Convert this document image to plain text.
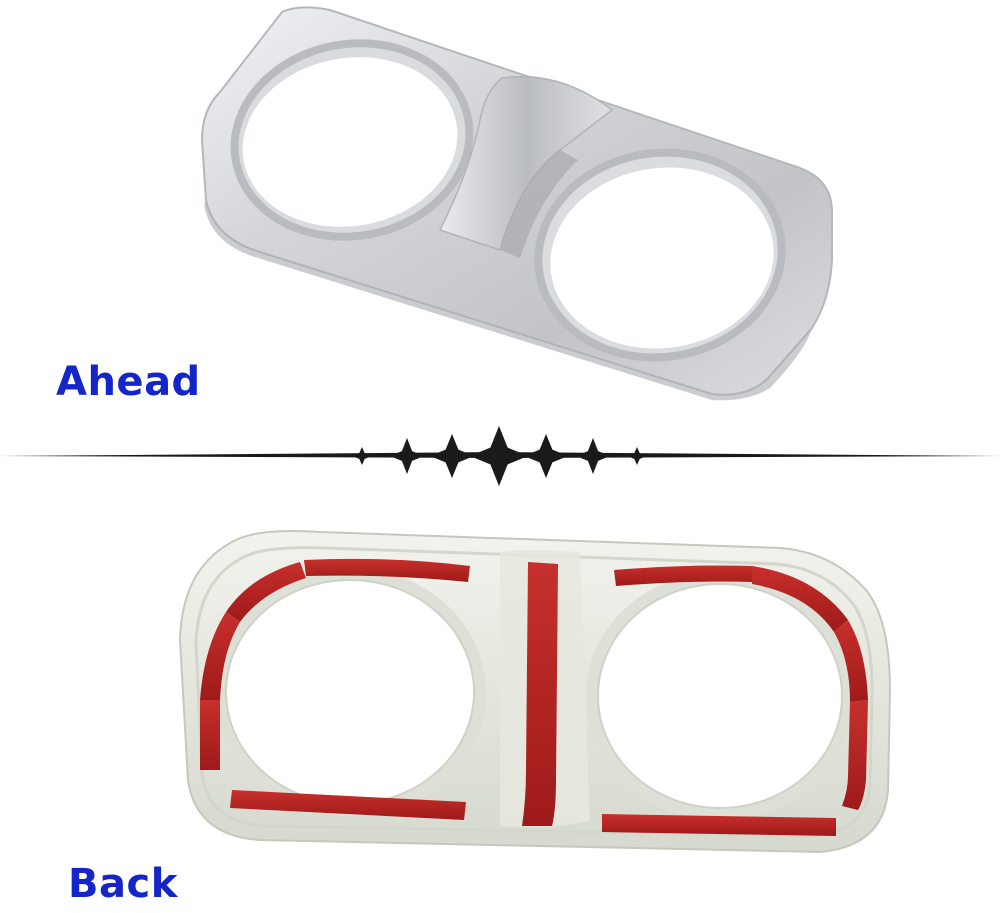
Ahead
Back
